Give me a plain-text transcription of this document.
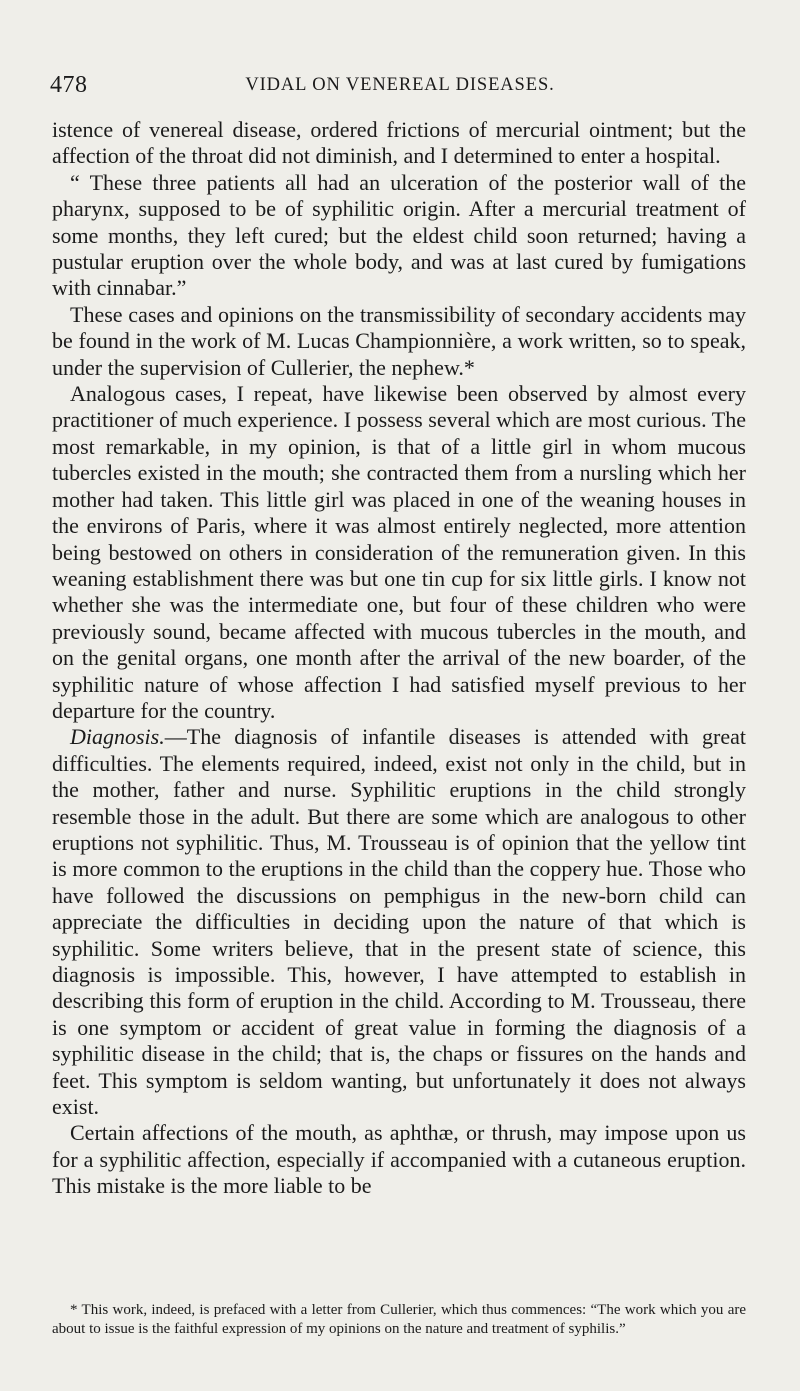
478	VIDAL ON VENEREAL DISEASES.

istence of venereal disease, ordered frictions of mercurial ointment; but the affection of the throat did not diminish, and I determined to enter a hospital.

“ These three patients all had an ulceration of the posterior wall of the pharynx, supposed to be of syphilitic origin. After a mercurial treatment of some months, they left cured; but the eldest child soon returned; having a pustular eruption over the whole body, and was at last cured by fumigations with cinnabar.”

These cases and opinions on the transmissibility of secondary accidents may be found in the work of M. Lucas Championnière, a work written, so to speak, under the supervision of Cullerier, the nephew.*

Analogous cases, I repeat, have likewise been observed by almost every practitioner of much experience. I possess several which are most curious. The most remarkable, in my opinion, is that of a little girl in whom mucous tubercles existed in the mouth; she contracted them from a nursling which her mother had taken. This little girl was placed in one of the weaning houses in the environs of Paris, where it was almost entirely neglected, more attention being bestowed on others in consideration of the remuneration given. In this weaning establishment there was but one tin cup for six little girls. I know not whether she was the intermediate one, but four of these children who were previously sound, became affected with mucous tubercles in the mouth, and on the genital organs, one month after the arrival of the new boarder, of the syphilitic nature of whose affection I had satisfied myself previous to her departure for the country.

Diagnosis.—The diagnosis of infantile diseases is attended with great difficulties. The elements required, indeed, exist not only in the child, but in the mother, father and nurse. Syphilitic eruptions in the child strongly resemble those in the adult. But there are some which are analogous to other eruptions not syphilitic. Thus, M. Trousseau is of opinion that the yellow tint is more common to the eruptions in the child than the coppery hue. Those who have followed the discussions on pemphigus in the new-born child can appreciate the difficulties in deciding upon the nature of that which is syphilitic. Some writers believe, that in the present state of science, this diagnosis is impossible. This, however, I have attempted to establish in describing this form of eruption in the child. According to M. Trousseau, there is one symptom or accident of great value in forming the diagnosis of a syphilitic disease in the child; that is, the chaps or fissures on the hands and feet. This symptom is seldom wanting, but unfortunately it does not always exist.

Certain affections of the mouth, as aphthæ, or thrush, may impose upon us for a syphilitic affection, especially if accompanied with a cutaneous eruption. This mistake is the more liable to be

* This work, indeed, is prefaced with a letter from Cullerier, which thus commences: “The work which you are about to issue is the faithful expression of my opinions on the nature and treatment of syphilis.”
